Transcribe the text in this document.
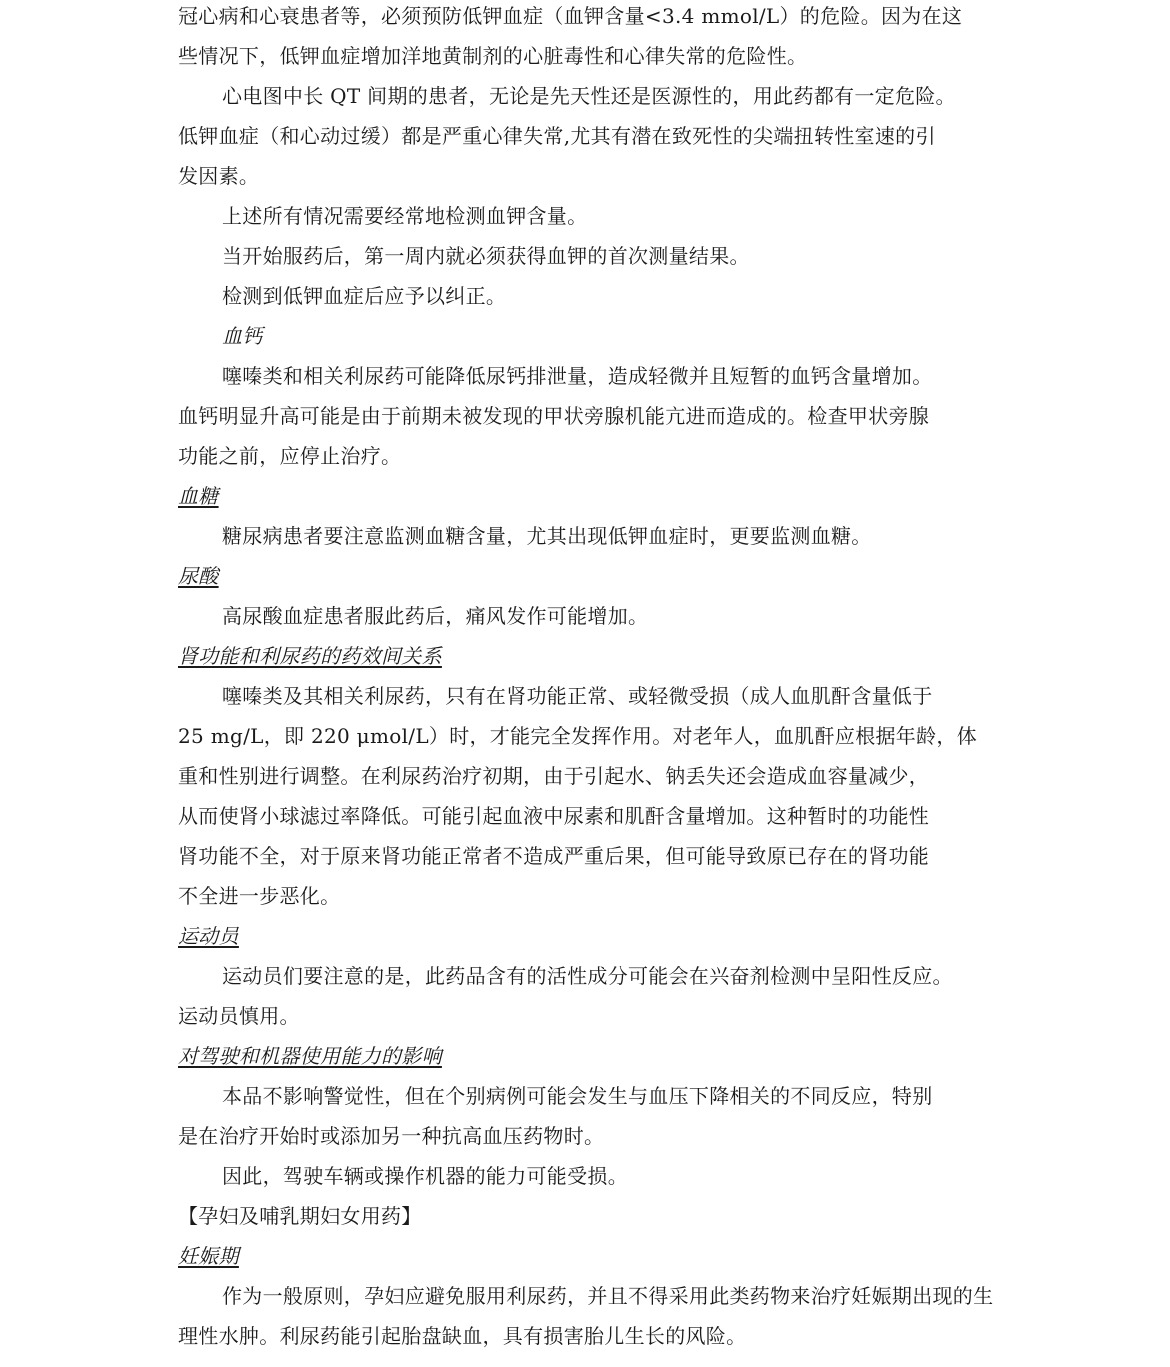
冠心病和心衰患者等，必须预防低钾血症（血钾含量<3.4 mmol/L）的危险。因为在这
些情况下，低钾血症增加洋地黄制剂的心脏毒性和心律失常的危险性。
心电图中长 QT 间期的患者，无论是先天性还是医源性的，用此药都有一定危险。
低钾血症（和心动过缓）都是严重心律失常,尤其有潜在致死性的尖端扭转性室速的引
发因素。
上述所有情况需要经常地检测血钾含量。
当开始服药后，第一周内就必须获得血钾的首次测量结果。
检测到低钾血症后应予以纠正。
血钙
噻嗪类和相关利尿药可能降低尿钙排泄量，造成轻微并且短暂的血钙含量增加。
血钙明显升高可能是由于前期未被发现的甲状旁腺机能亢进而造成的。检查甲状旁腺
功能之前，应停止治疗。
血糖
糖尿病患者要注意监测血糖含量，尤其出现低钾血症时，更要监测血糖。
尿酸
高尿酸血症患者服此药后，痛风发作可能增加。
肾功能和利尿药的药效间关系
噻嗪类及其相关利尿药，只有在肾功能正常、或轻微受损（成人血肌酐含量低于
25 mg/L，即 220 μmol/L）时，才能完全发挥作用。对老年人，血肌酐应根据年龄，体
重和性别进行调整。在利尿药治疗初期，由于引起水、钠丢失还会造成血容量减少，
从而使肾小球滤过率降低。可能引起血液中尿素和肌酐含量增加。这种暂时的功能性
肾功能不全，对于原来肾功能正常者不造成严重后果，但可能导致原已存在的肾功能
不全进一步恶化。
运动员
运动员们要注意的是，此药品含有的活性成分可能会在兴奋剂检测中呈阳性反应。
运动员慎用。
对驾驶和机器使用能力的影响
本品不影响警觉性，但在个别病例可能会发生与血压下降相关的不同反应，特别
是在治疗开始时或添加另一种抗高血压药物时。
因此，驾驶车辆或操作机器的能力可能受损。
【孕妇及哺乳期妇女用药】
妊娠期
作为一般原则，孕妇应避免服用利尿药，并且不得采用此类药物来治疗妊娠期出现的生
理性水肿。利尿药能引起胎盘缺血，具有损害胎儿生长的风险。
